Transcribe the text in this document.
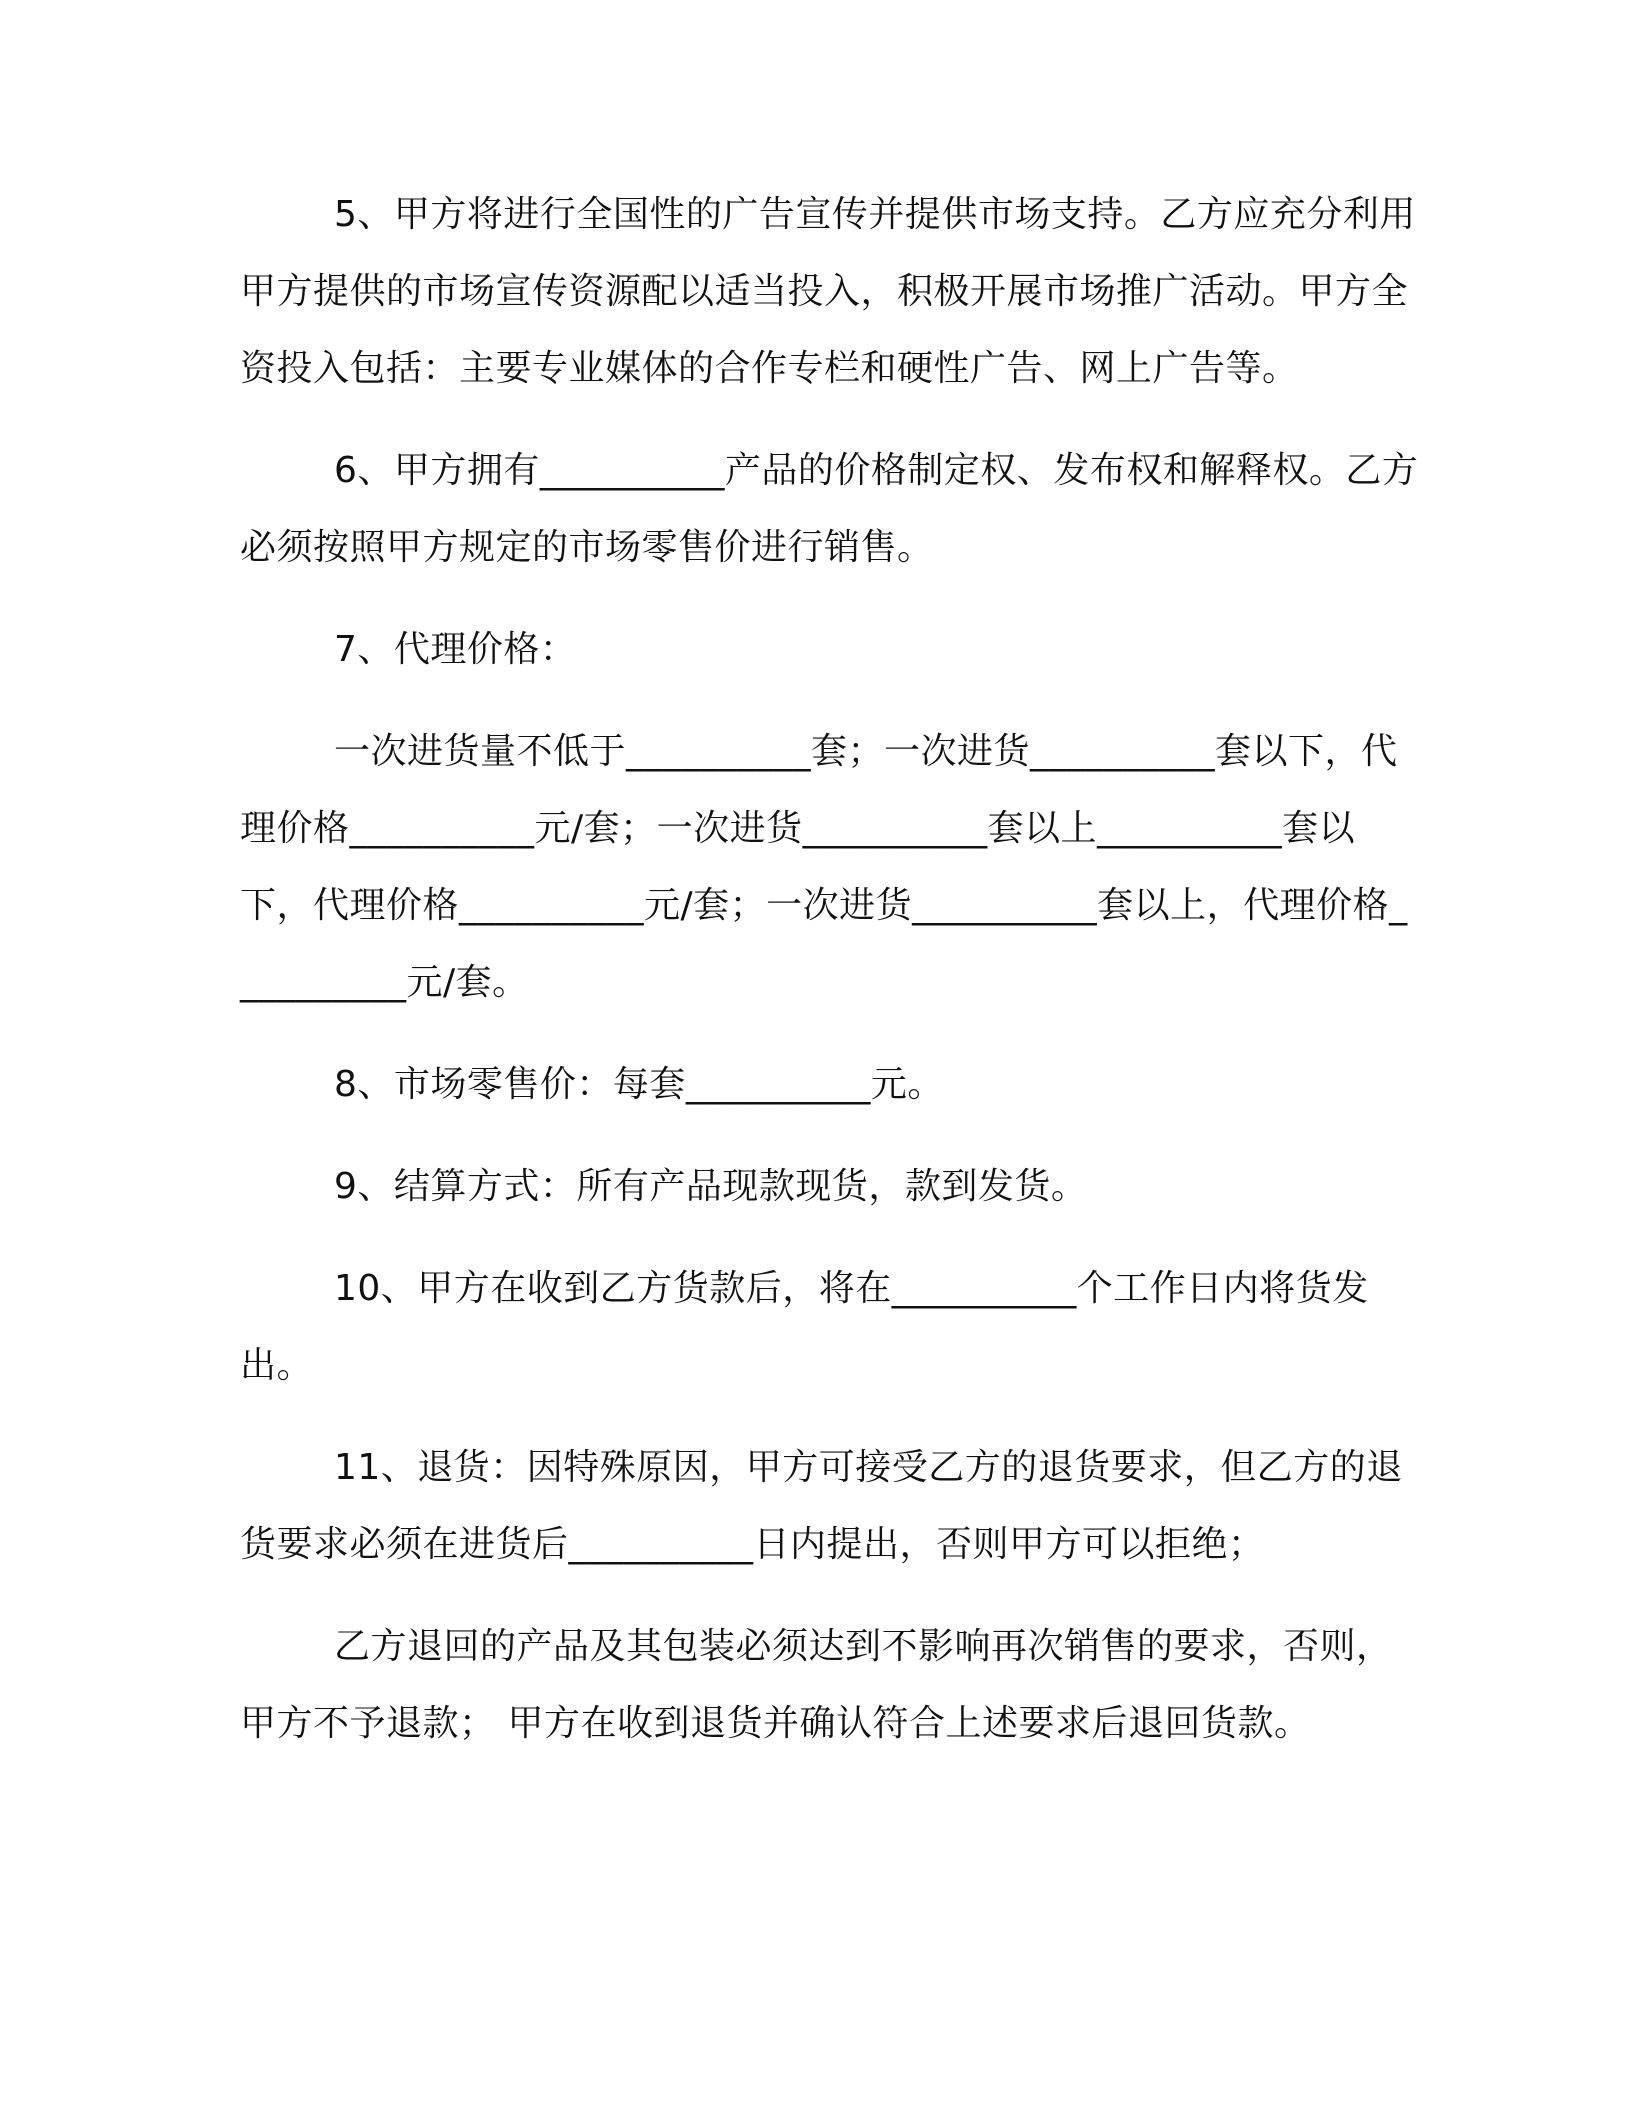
5、甲方将进行全国性的广告宣传并提供市场支持。乙方应充分利用甲方提供的市场宣传资源配以适当投入，积极开展市场推广活动。甲方全资投入包括：主要专业媒体的合作专栏和硬性广告、网上广告等。

6、甲方拥有__________产品的价格制定权、发布权和解释权。乙方必须按照甲方规定的市场零售价进行销售。

7、代理价格：

一次进货量不低于__________套；一次进货__________套以下，代理价格__________元/套；一次进货__________套以上__________套以下，代理价格__________元/套；一次进货__________套以上，代理价格__________元/套。

8、市场零售价：每套__________元。

9、结算方式：所有产品现款现货，款到发货。

10、甲方在收到乙方货款后，将在__________个工作日内将货发出。

11、退货：因特殊原因，甲方可接受乙方的退货要求，但乙方的退货要求必须在进货后__________日内提出，否则甲方可以拒绝；

乙方退回的产品及其包装必须达到不影响再次销售的要求，否则，甲方不予退款； 甲方在收到退货并确认符合上述要求后退回货款。
